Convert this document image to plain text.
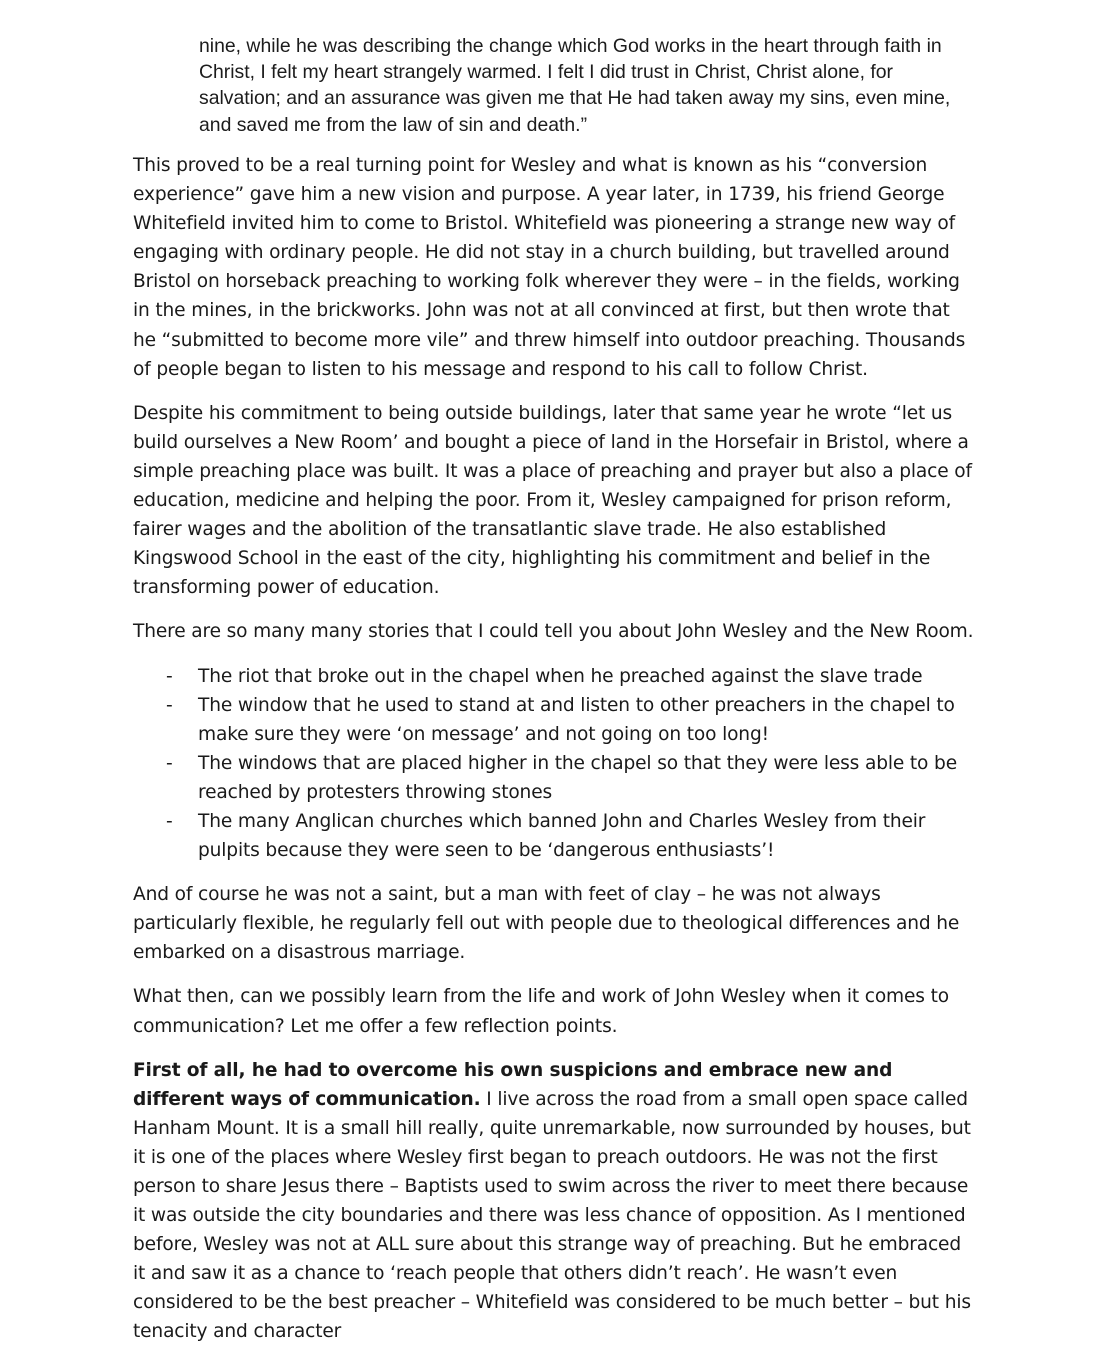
nine, while he was describing the change which God works in the heart through faith in Christ, I felt my heart strangely warmed. I felt I did trust in Christ, Christ alone, for salvation; and an assurance was given me that He had taken away my sins, even mine, and saved me from the law of sin and death.”

This proved to be a real turning point for Wesley and what is known as his “conversion experience” gave him a new vision and purpose. A year later, in 1739, his friend George Whitefield invited him to come to Bristol. Whitefield was pioneering a strange new way of engaging with ordinary people. He did not stay in a church building, but travelled around Bristol on horseback preaching to working folk wherever they were – in the fields, working in the mines, in the brickworks. John was not at all convinced at first, but then wrote that he “submitted to become more vile” and threw himself into outdoor preaching. Thousands of people began to listen to his message and respond to his call to follow Christ.

Despite his commitment to being outside buildings, later that same year he wrote “let us build ourselves a New Room’ and bought a piece of land in the Horsefair in Bristol, where a simple preaching place was built. It was a place of preaching and prayer but also a place of education, medicine and helping the poor. From it, Wesley campaigned for prison reform, fairer wages and the abolition of the transatlantic slave trade. He also established Kingswood School in the east of the city, highlighting his commitment and belief in the transforming power of education.

There are so many many stories that I could tell you about John Wesley and the New Room.

- The riot that broke out in the chapel when he preached against the slave trade
- The window that he used to stand at and listen to other preachers in the chapel to make sure they were ‘on message’ and not going on too long!
- The windows that are placed higher in the chapel so that they were less able to be reached by protesters throwing stones
- The many Anglican churches which banned John and Charles Wesley from their pulpits because they were seen to be ‘dangerous enthusiasts’!

And of course he was not a saint, but a man with feet of clay – he was not always particularly flexible, he regularly fell out with people due to theological differences and he embarked on a disastrous marriage.

What then, can we possibly learn from the life and work of John Wesley when it comes to communication? Let me offer a few reflection points.

First of all, he had to overcome his own suspicions and embrace new and different ways of communication. I live across the road from a small open space called Hanham Mount. It is a small hill really, quite unremarkable, now surrounded by houses, but it is one of the places where Wesley first began to preach outdoors. He was not the first person to share Jesus there – Baptists used to swim across the river to meet there because it was outside the city boundaries and there was less chance of opposition. As I mentioned before, Wesley was not at ALL sure about this strange way of preaching. But he embraced it and saw it as a chance to ‘reach people that others didn’t reach’. He wasn’t even considered to be the best preacher – Whitefield was considered to be much better – but his tenacity and character
